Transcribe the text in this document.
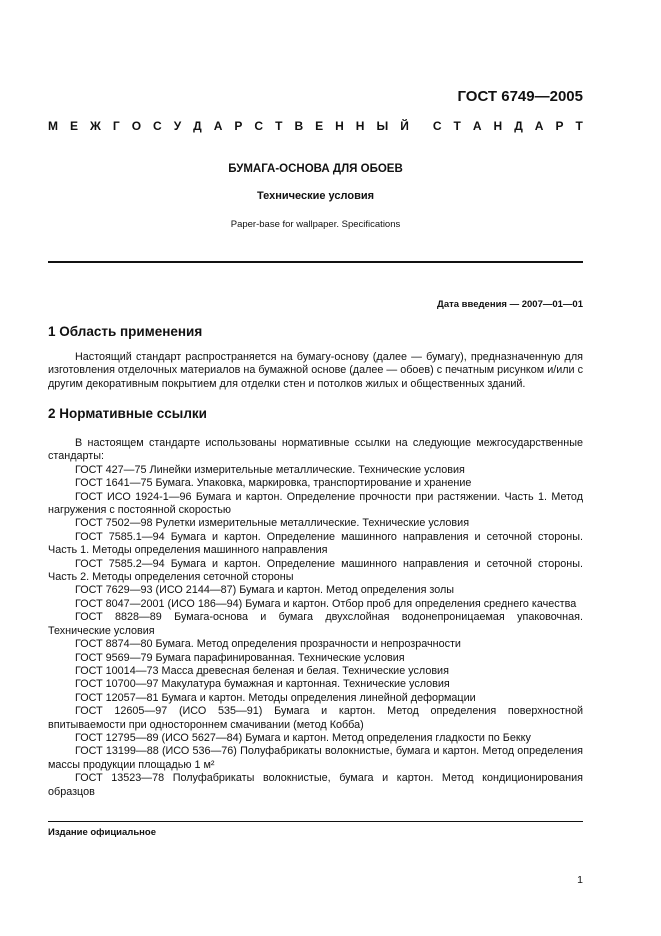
ГОСТ 6749—2005
М Е Ж Г О С У Д А Р С Т В Е Н Н Ы Й С Т А Н Д А Р Т
БУМАГА-ОСНОВА ДЛЯ ОБОЕВ
Технические условия
Paper-base for wallpaper. Specifications
Дата введения — 2007—01—01
1 Область применения

Настоящий стандарт распространяется на бумагу-основу (далее — бумагу), предназначенную для изготовления отделочных материалов на бумажной основе (далее — обоев) с печатным рисунком и/или с другим декоративным покрытием для отделки стен и потолков жилых и общественных зданий.

2 Нормативные ссылки

В настоящем стандарте использованы нормативные ссылки на следующие межгосударственные стандарты:

ГОСТ 427—75 Линейки измерительные металлические. Технические условия

ГОСТ 1641—75 Бумага. Упаковка, маркировка, транспортирование и хранение

ГОСТ ИСО 1924-1—96 Бумага и картон. Определение прочности при растяжении. Часть 1. Метод нагружения с постоянной скоростью

ГОСТ 7502—98 Рулетки измерительные металлические. Технические условия

ГОСТ 7585.1—94 Бумага и картон. Определение машинного направления и сеточной стороны. Часть 1. Методы определения машинного направления

ГОСТ 7585.2—94 Бумага и картон. Определение машинного направления и сеточной стороны. Часть 2. Методы определения сеточной стороны

ГОСТ 7629—93 (ИСО 2144—87) Бумага и картон. Метод определения золы

ГОСТ 8047—2001 (ИСО 186—94) Бумага и картон. Отбор проб для определения среднего качества

ГОСТ 8828—89 Бумага-основа и бумага двухслойная водонепроницаемая упаковочная. Технические условия

ГОСТ 8874—80 Бумага. Метод определения прозрачности и непрозрачности

ГОСТ 9569—79 Бумага парафинированная. Технические условия

ГОСТ 10014—73 Масса древесная беленая и белая. Технические условия

ГОСТ 10700—97 Макулатура бумажная и картонная. Технические условия

ГОСТ 12057—81 Бумага и картон. Методы определения линейной деформации

ГОСТ 12605—97 (ИСО 535—91) Бумага и картон. Метод определения поверхностной впитываемости при одностороннем смачивании (метод Кобба)

ГОСТ 12795—89 (ИСО 5627—84) Бумага и картон. Метод определения гладкости по Бекку

ГОСТ 13199—88 (ИСО 536—76) Полуфабрикаты волокнистые, бумага и картон. Метод определения массы продукции площадью 1 м²

ГОСТ 13523—78 Полуфабрикаты волокнистые, бумага и картон. Метод кондиционирования образцов

Издание официальное
1
